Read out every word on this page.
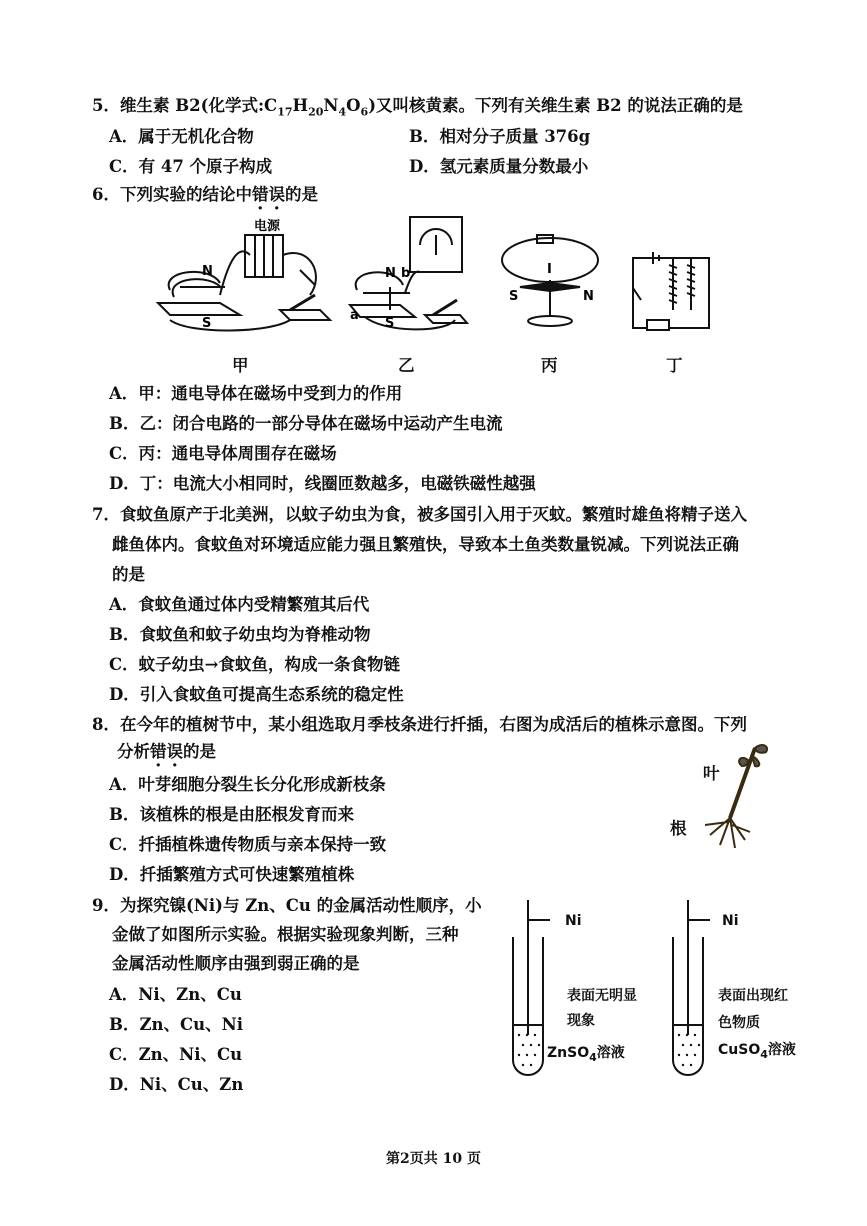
5．维生素 B2(化学式$:C_{17}H_{20}N_4O_6$)又叫核黄素。下列有关维生素 B2 的说法正确的是
A．属于无机化合物	B．相对分子质量 376g
C．有 47 个原子构成	D．氢元素质量分数最小
6．下列实验的结论中错误的是
电源
N
S
甲
N
S
a
b
乙
I
S	N
丙	丁
A．甲：通电导体在磁场中受到力的作用
B．乙：闭合电路的一部分导体在磁场中运动产生电流
C．丙：通电导体周围存在磁场
D．丁：电流大小相同时，线圈匝数越多，电磁铁磁性越强
7．食蚊鱼原产于北美洲，以蚊子幼虫为食，被多国引入用于灭蚊。繁殖时雄鱼将精子送入
雌鱼体内。食蚊鱼对环境适应能力强且繁殖快，导致本土鱼类数量锐减。下列说法正确
的是
A．食蚊鱼通过体内受精繁殖其后代
B．食蚊鱼和蚊子幼虫均为脊椎动物
C．蚊子幼虫→食蚊鱼，构成一条食物链
D．引入食蚊鱼可提高生态系统的稳定性
8．在今年的植树节中，某小组选取月季枝条进行扦插，右图为成活后的植株示意图。下列
分析错误的是
A．叶芽细胞分裂生长分化形成新枝条
B．该植株的根是由胚根发育而来
C．扦插植株遗传物质与亲本保持一致
D．扦插繁殖方式可快速繁殖植株
叶
根
9．为探究镍(Ni)与 Zn、Cu 的金属活动性顺序，小
金做了如图所示实验。根据实验现象判断，三种
金属活动性顺序由强到弱正确的是
A．Ni、Zn、Cu
B．Zn、Cu、Ni
C．Zn、Ni、Cu
D．Ni、Cu、Zn
Ni
表面无明显
现象
ZnSO$_4$溶液
Ni
表面出现红
色物质
CuSO$_4$溶液
第2页共 10 页
